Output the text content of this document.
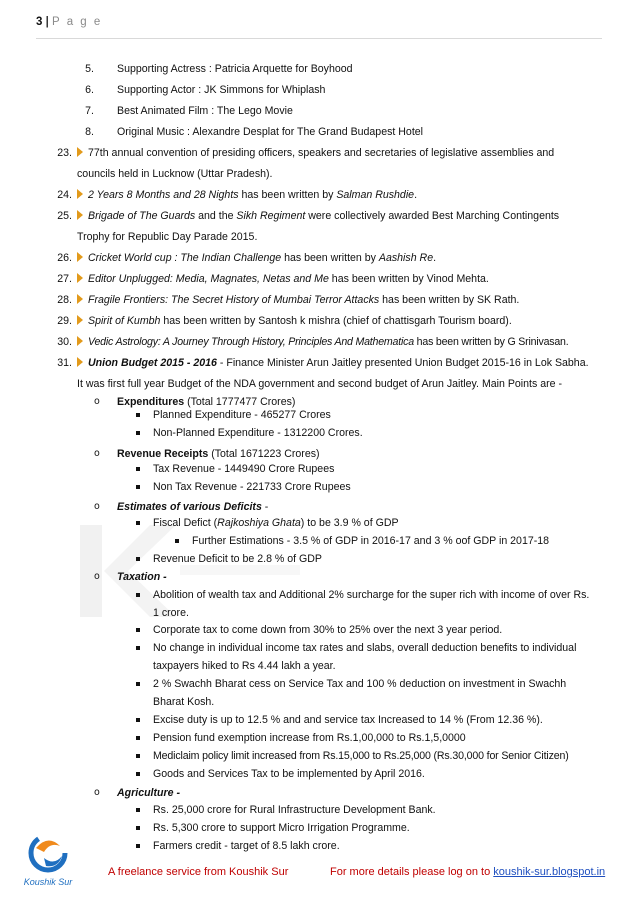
3 | P a g e
5. Supporting Actress : Patricia Arquette for Boyhood
6. Supporting Actor : JK Simmons for Whiplash
7. Best Animated Film : The Lego Movie
8. Original Music : Alexandre Desplat for The Grand Budapest Hotel
23.	77th annual convention of presiding officers, speakers and secretaries of legislative assemblies and
councils held in Lucknow (Uttar Pradesh).
24.	2 Years 8 Months and 28 Nights has been written by Salman Rushdie.
25.	Brigade of The Guards and the Sikh Regiment were collectively awarded Best Marching Contingents
Trophy for Republic Day Parade 2015.
26.	Cricket World cup : The Indian Challenge has been written by Aashish Re.
27.	Editor Unplugged: Media, Magnates, Netas and Me has been written by Vinod Mehta.
28.	Fragile Frontiers: The Secret History of Mumbai Terror Attacks has been written by SK Rath.
29.	Spirit of Kumbh has been written by Santosh k mishra (chief of chattisgarh Tourism board).
30.	Vedic Astrology: A Journey Through History, Principles And Mathematica has been written by G Srinivasan.
31.	Union Budget 2015 - 2016 - Finance Minister Arun Jaitley presented Union Budget 2015-16 in Lok Sabha.
It was first full year Budget of the NDA government and second budget of Arun Jaitley. Main Points are -
o Expenditures (Total 1777477 Crores)
Planned Expenditure - 465277 Crores
Non-Planned Expenditure - 1312200 Crores.
o Revenue Receipts (Total 1671223 Crores)
Tax Revenue - 1449490 Crore Rupees
Non Tax Revenue - 221733 Crore Rupees
o Estimates of various Deficits -
Fiscal Defict (Rajkoshiya Ghata) to be 3.9 % of GDP
Further Estimations - 3.5 % of GDP in 2016-17 and 3 % oof GDP in 2017-18
Revenue Deficit to be 2.8 % of GDP
o Taxation -
Abolition of wealth tax and Additional 2% surcharge for the super rich with income of over Rs.
1 crore.
Corporate tax to come down from 30% to 25% over the next 3 year period.
No change in individual income tax rates and slabs, overall deduction benefits to individual
taxpayers hiked to Rs 4.44 lakh a year.
2 % Swachh Bharat cess on Service Tax and 100 % deduction on investment in Swachh
Bharat Kosh.
Excise duty is up to 12.5 % and and service tax Increased to 14 % (From 12.36 %).
Pension fund exemption increase from Rs.1,00,000 to Rs.1,5,0000
Mediclaim policy limit increased from Rs.15,000 to Rs.25,000 (Rs.30,000 for Senior Citizen)
Goods and Services Tax to be implemented by April 2016.
o Agriculture -
Rs. 25,000 crore for Rural Infrastructure Development Bank.
Rs. 5,300 crore to support Micro Irrigation Programme.
Farmers credit - target of 8.5 lakh crore.
Koushik Sur
A freelance service from Koushik Sur	For more details please log on to koushik-sur.blogspot.in
